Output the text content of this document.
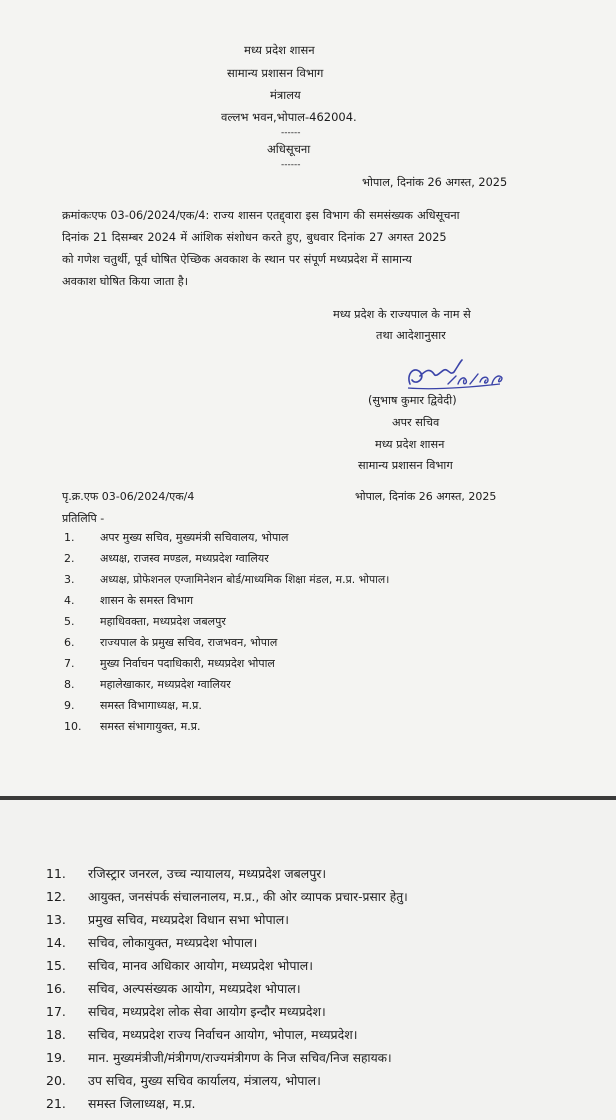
मध्य प्रदेश शासन
सामान्य प्रशासन विभाग
मंत्रालय
वल्लभ भवन,भोपाल-462004.
------
अधिसूचना
------
भोपाल, दिनांक 26 अगस्त, 2025
क्रमांकःएफ 03-06/2024/एक/4: राज्य शासन एतद्द्वारा इस विभाग की समसंख्यक अधिसूचना
दिनांक 21 दिसम्बर 2024 में आंशिक संशोधन करते हुए, बुधवार दिनांक 27 अगस्त 2025
को गणेश चतुर्थी, पूर्व घोषित ऐच्छिक अवकाश के स्थान पर संपूर्ण मध्यप्रदेश में सामान्य
अवकाश घोषित किया जाता है।
मध्य प्रदेश के राज्यपाल के नाम से
तथा आदेशानुसार
(सुभाष कुमार द्विवेदी)
अपर सचिव
मध्य प्रदेश शासन
सामान्य प्रशासन विभाग
पृ.क्र.एफ 03-06/2024/एक/4	भोपाल, दिनांक 26 अगस्त, 2025
प्रतिलिपि -
1. अपर मुख्य सचिव, मुख्यमंत्री सचिवालय, भोपाल
2. अध्यक्ष, राजस्व मण्डल, मध्यप्रदेश ग्वालियर
3. अध्यक्ष, प्रोफेशनल एग्जामिनेशन बोर्ड/माध्यमिक शिक्षा मंडल, म.प्र. भोपाल।
4. शासन के समस्त विभाग
5. महाधिवक्ता, मध्यप्रदेश जबलपुर
6. राज्यपाल के प्रमुख सचिव, राजभवन, भोपाल
7. मुख्य निर्वाचन पदाधिकारी, मध्यप्रदेश भोपाल
8. महालेखाकार, मध्यप्रदेश ग्वालियर
9. समस्त विभागाध्यक्ष, म.प्र.
10. समस्त संभागायुक्त, म.प्र.
11. रजिस्ट्रार जनरल, उच्च न्यायालय, मध्यप्रदेश जबलपुर।
12. आयुक्त, जनसंपर्क संचालनालय, म.प्र., की ओर व्यापक प्रचार-प्रसार हेतु।
13. प्रमुख सचिव, मध्यप्रदेश विधान सभा भोपाल।
14. सचिव, लोकायुक्त, मध्यप्रदेश भोपाल।
15. सचिव, मानव अधिकार आयोग, मध्यप्रदेश भोपाल।
16. सचिव, अल्पसंख्यक आयोग, मध्यप्रदेश भोपाल।
17. सचिव, मध्यप्रदेश लोक सेवा आयोग इन्दौर मध्यप्रदेश।
18. सचिव, मध्यप्रदेश राज्य निर्वाचन आयोग, भोपाल, मध्यप्रदेश।
19. मान. मुख्यमंत्रीजी/मंत्रीगण/राज्यमंत्रीगण के निज सचिव/निज सहायक।
20. उप सचिव, मुख्य सचिव कार्यालय, मंत्रालय, भोपाल।
21. समस्त जिलाध्यक्ष, म.प्र.
